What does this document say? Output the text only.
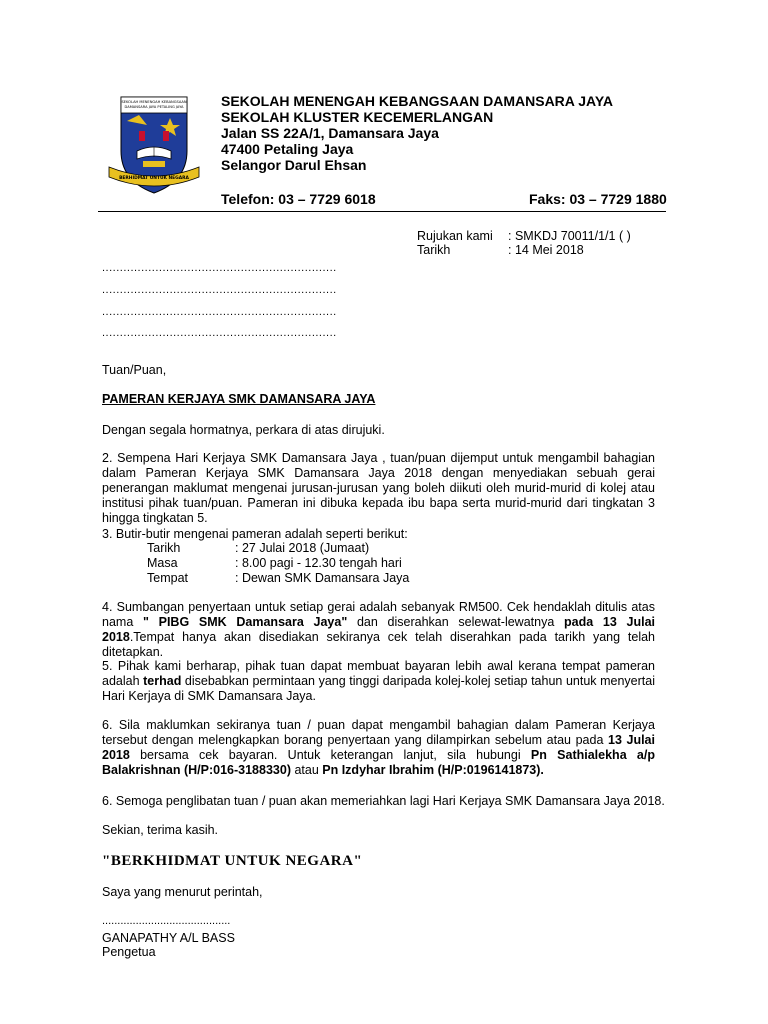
SEKOLAH MENENGAH KEBANGSAAN
DAMANSARA JAYA PETALING JAYA
BERHIDMAT UNTUK NEGARA
SEKOLAH MENENGAH KEBANGSAAN DAMANSARA JAYA
SEKOLAH KLUSTER KECEMERLANGAN
Jalan SS 22A/1, Damansara Jaya
47400 Petaling Jaya
Selangor Darul Ehsan
Telefon: 03 – 7729 6018	Faks: 03 – 7729 1880
Rujukan kami : SMKDJ 70011/1/1 ( )
Tarikh	: 14 Mei 2018
..................................................................
..................................................................
..................................................................
..................................................................
Tuan/Puan,
PAMERAN KERJAYA SMK DAMANSARA JAYA
Dengan segala hormatnya, perkara di atas dirujuki.
2. Sempena Hari Kerjaya SMK Damansara Jaya , tuan/puan dijemput untuk mengambil bahagian dalam Pameran Kerjaya SMK Damansara Jaya 2018 dengan menyediakan sebuah gerai penerangan maklumat mengenai jurusan-jurusan yang boleh diikuti oleh murid-murid di kolej atau institusi pihak tuan/puan. Pameran ini dibuka kepada ibu bapa serta murid-murid dari tingkatan 3 hingga tingkatan 5.
3. Butir-butir mengenai pameran adalah seperti berikut:
Tarikh	: 27 Julai 2018 (Jumaat)
Masa	: 8.00 pagi - 12.30 tengah hari
Tempat	: Dewan SMK Damansara Jaya
4. Sumbangan penyertaan untuk setiap gerai adalah sebanyak RM500. Cek hendaklah ditulis atas nama " PIBG SMK Damansara Jaya" dan diserahkan selewat-lewatnya pada 13 Julai 2018.Tempat hanya akan disediakan sekiranya cek telah diserahkan pada tarikh yang telah ditetapkan.
5. Pihak kami berharap, pihak tuan dapat membuat bayaran lebih awal kerana tempat pameran adalah terhad disebabkan permintaan yang tinggi daripada kolej-kolej setiap tahun untuk menyertai Hari Kerjaya di SMK Damansara Jaya.
6. Sila maklumkan sekiranya tuan / puan dapat mengambil bahagian dalam Pameran Kerjaya tersebut dengan melengkapkan borang penyertaan yang dilampirkan sebelum atau pada 13 Julai 2018 bersama cek bayaran. Untuk keterangan lanjut, sila hubungi Pn Sathialekha a/p Balakrishnan (H/P:016-3188330) atau Pn Izdyhar Ibrahim (H/P:0196141873).
6. Semoga penglibatan tuan / puan akan memeriahkan lagi Hari Kerjaya SMK Damansara Jaya 2018.
Sekian, terima kasih.
"BERKHIDMAT UNTUK NEGARA"
Saya yang menurut perintah,
..........................................
GANAPATHY A/L BASS
Pengetua
